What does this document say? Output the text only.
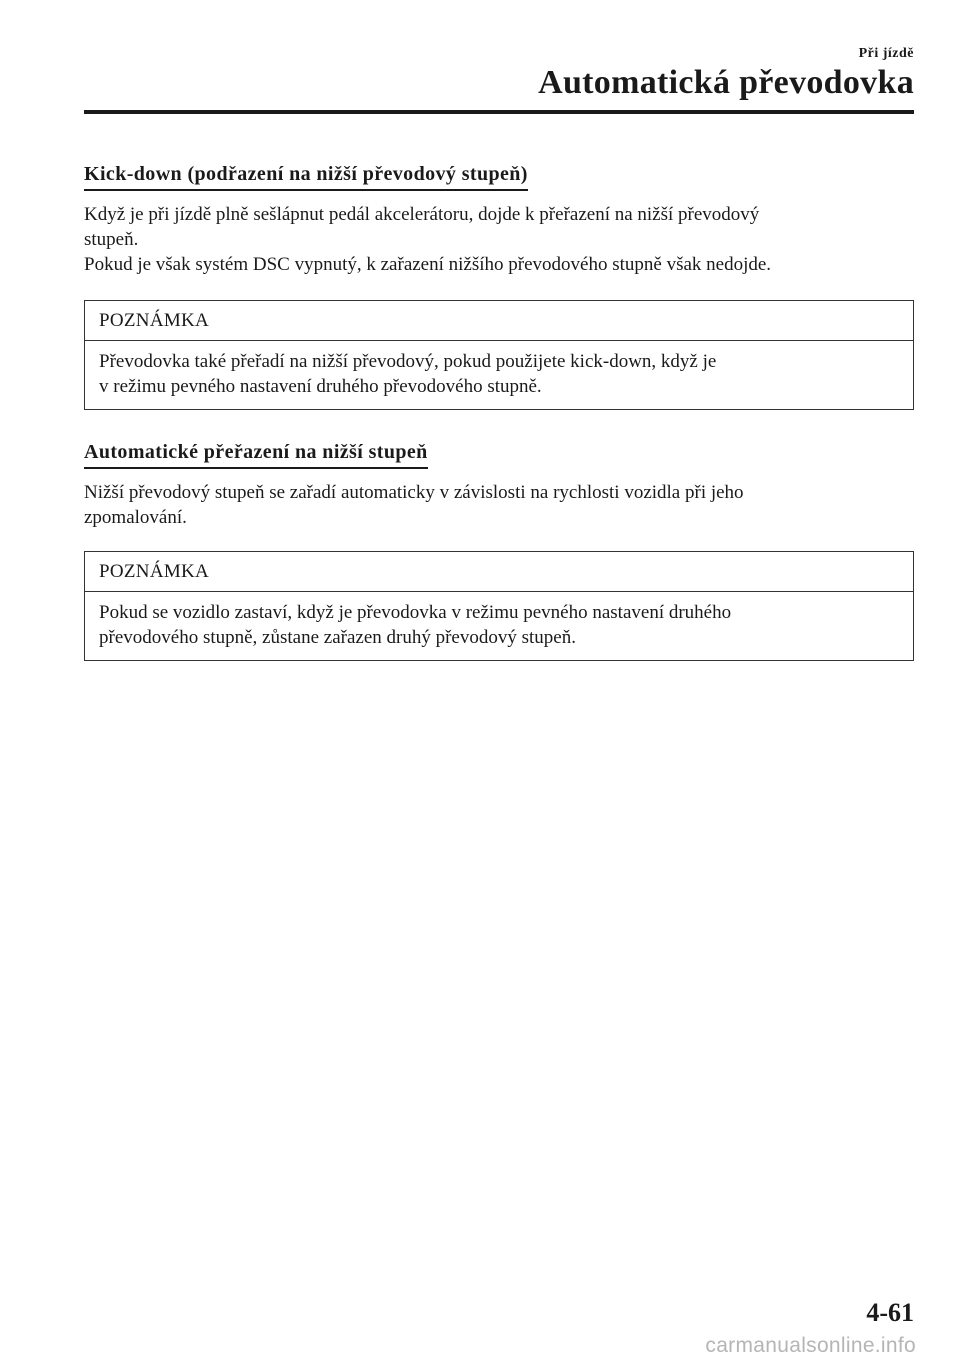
Při jízdě
Automatická převodovka
Kick-down (podřazení na nižší převodový stupeň)

Když je při jízdě plně sešlápnut pedál akcelerátoru, dojde k přeřazení na nižší převodový

stupeň.

Pokud je však systém DSC vypnutý, k zařazení nižšího převodového stupně však nedojde.

POZNÁMKA
Převodovka také přeřadí na nižší převodový, pokud použijete kick-down, když je
v režimu pevného nastavení druhého převodového stupně.
Automatické přeřazení na nižší stupeň

Nižší převodový stupeň se zařadí automaticky v závislosti na rychlosti vozidla při jeho

zpomalování.

POZNÁMKA
Pokud se vozidlo zastaví, když je převodovka v režimu pevného nastavení druhého
převodového stupně, zůstane zařazen druhý převodový stupeň.
4-61
carmanualsonline.info
